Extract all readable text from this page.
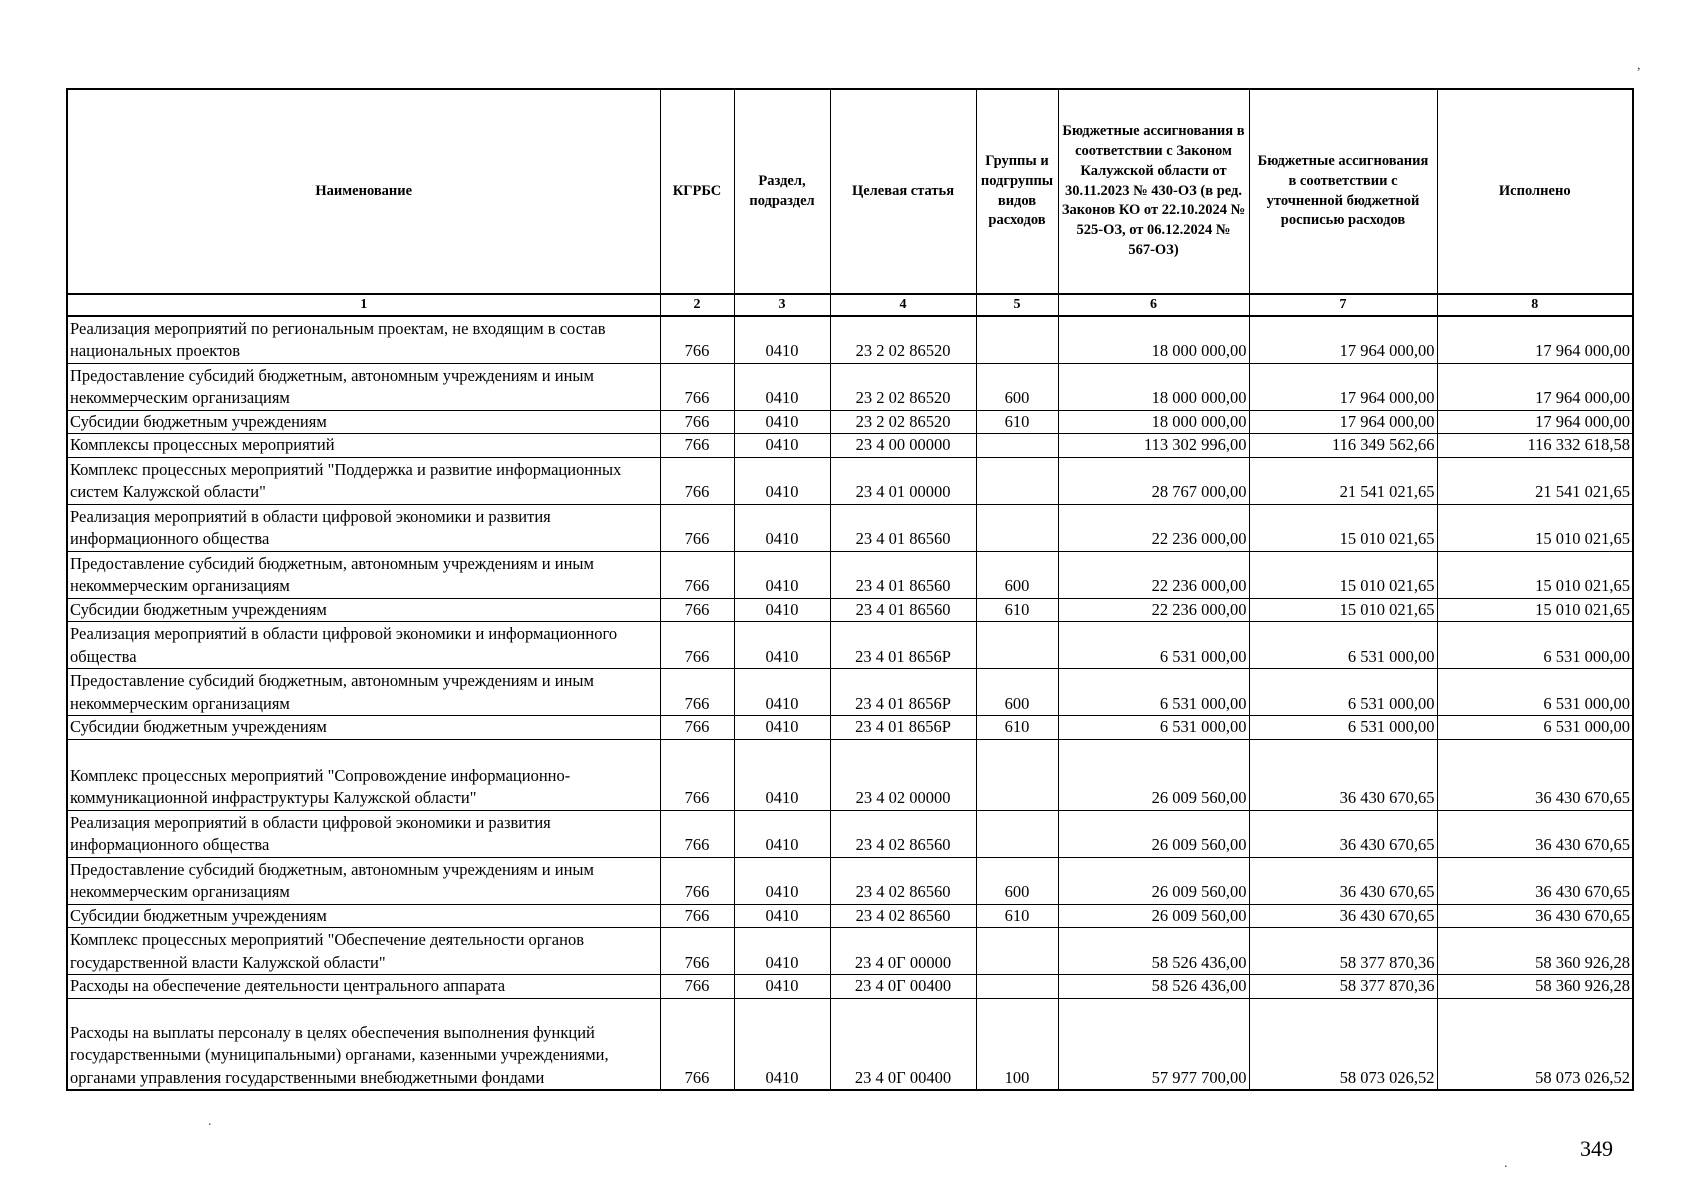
Наименование	КГРБС	Раздел, подраздел	Целевая статья	Группы и подгруппы видов расходов	Бюджетные ассигнования в соответствии с Законом Калужской области от 30.11.2023 № 430-ОЗ (в ред. Законов КО от 22.10.2024 № 525-ОЗ, от 06.12.2024 № 567-ОЗ)	Бюджетные ассигнования в соответствии с уточненной бюджетной росписью расходов	Исполнено
1	2	3	4	5	6	7	8
Реализация мероприятий по региональным проектам, не входящим в состав национальных проектов	766	0410	23 2 02 86520		18 000 000,00	17 964 000,00	17 964 000,00
Предоставление субсидий бюджетным, автономным учреждениям и иным некоммерческим организациям	766	0410	23 2 02 86520	600	18 000 000,00	17 964 000,00	17 964 000,00
Субсидии бюджетным учреждениям	766	0410	23 2 02 86520	610	18 000 000,00	17 964 000,00	17 964 000,00
Комплексы процессных мероприятий	766	0410	23 4 00 00000		113 302 996,00	116 349 562,66	116 332 618,58
Комплекс процессных мероприятий "Поддержка и развитие информационных систем Калужской области"	766	0410	23 4 01 00000		28 767 000,00	21 541 021,65	21 541 021,65
Реализация мероприятий в области цифровой экономики и развития информационного общества	766	0410	23 4 01 86560		22 236 000,00	15 010 021,65	15 010 021,65
Предоставление субсидий бюджетным, автономным учреждениям и иным некоммерческим организациям	766	0410	23 4 01 86560	600	22 236 000,00	15 010 021,65	15 010 021,65
Субсидии бюджетным учреждениям	766	0410	23 4 01 86560	610	22 236 000,00	15 010 021,65	15 010 021,65
Реализация мероприятий в области цифровой экономики и информационного общества	766	0410	23 4 01 8656Р		6 531 000,00	6 531 000,00	6 531 000,00
Предоставление субсидий бюджетным, автономным учреждениям и иным некоммерческим организациям	766	0410	23 4 01 8656Р	600	6 531 000,00	6 531 000,00	6 531 000,00
Субсидии бюджетным учреждениям	766	0410	23 4 01 8656Р	610	6 531 000,00	6 531 000,00	6 531 000,00
Комплекс процессных мероприятий "Сопровождение информационно-коммуникационной инфраструктуры Калужской области"	766	0410	23 4 02 00000		26 009 560,00	36 430 670,65	36 430 670,65
Реализация мероприятий в области цифровой экономики и развития информационного общества	766	0410	23 4 02 86560		26 009 560,00	36 430 670,65	36 430 670,65
Предоставление субсидий бюджетным, автономным учреждениям и иным некоммерческим организациям	766	0410	23 4 02 86560	600	26 009 560,00	36 430 670,65	36 430 670,65
Субсидии бюджетным учреждениям	766	0410	23 4 02 86560	610	26 009 560,00	36 430 670,65	36 430 670,65
Комплекс процессных мероприятий "Обеспечение деятельности органов государственной власти Калужской области"	766	0410	23 4 0Г 00000		58 526 436,00	58 377 870,36	58 360 926,28
Расходы на обеспечение деятельности центрального аппарата	766	0410	23 4 0Г 00400		58 526 436,00	58 377 870,36	58 360 926,28
Расходы на выплаты персоналу в целях обеспечения выполнения функций государственными (муниципальными) органами, казенными учреждениями, органами управления государственными внебюджетными фондами	766	0410	23 4 0Г 00400	100	57 977 700,00	58 073 026,52	58 073 026,52
349
,
.
.
